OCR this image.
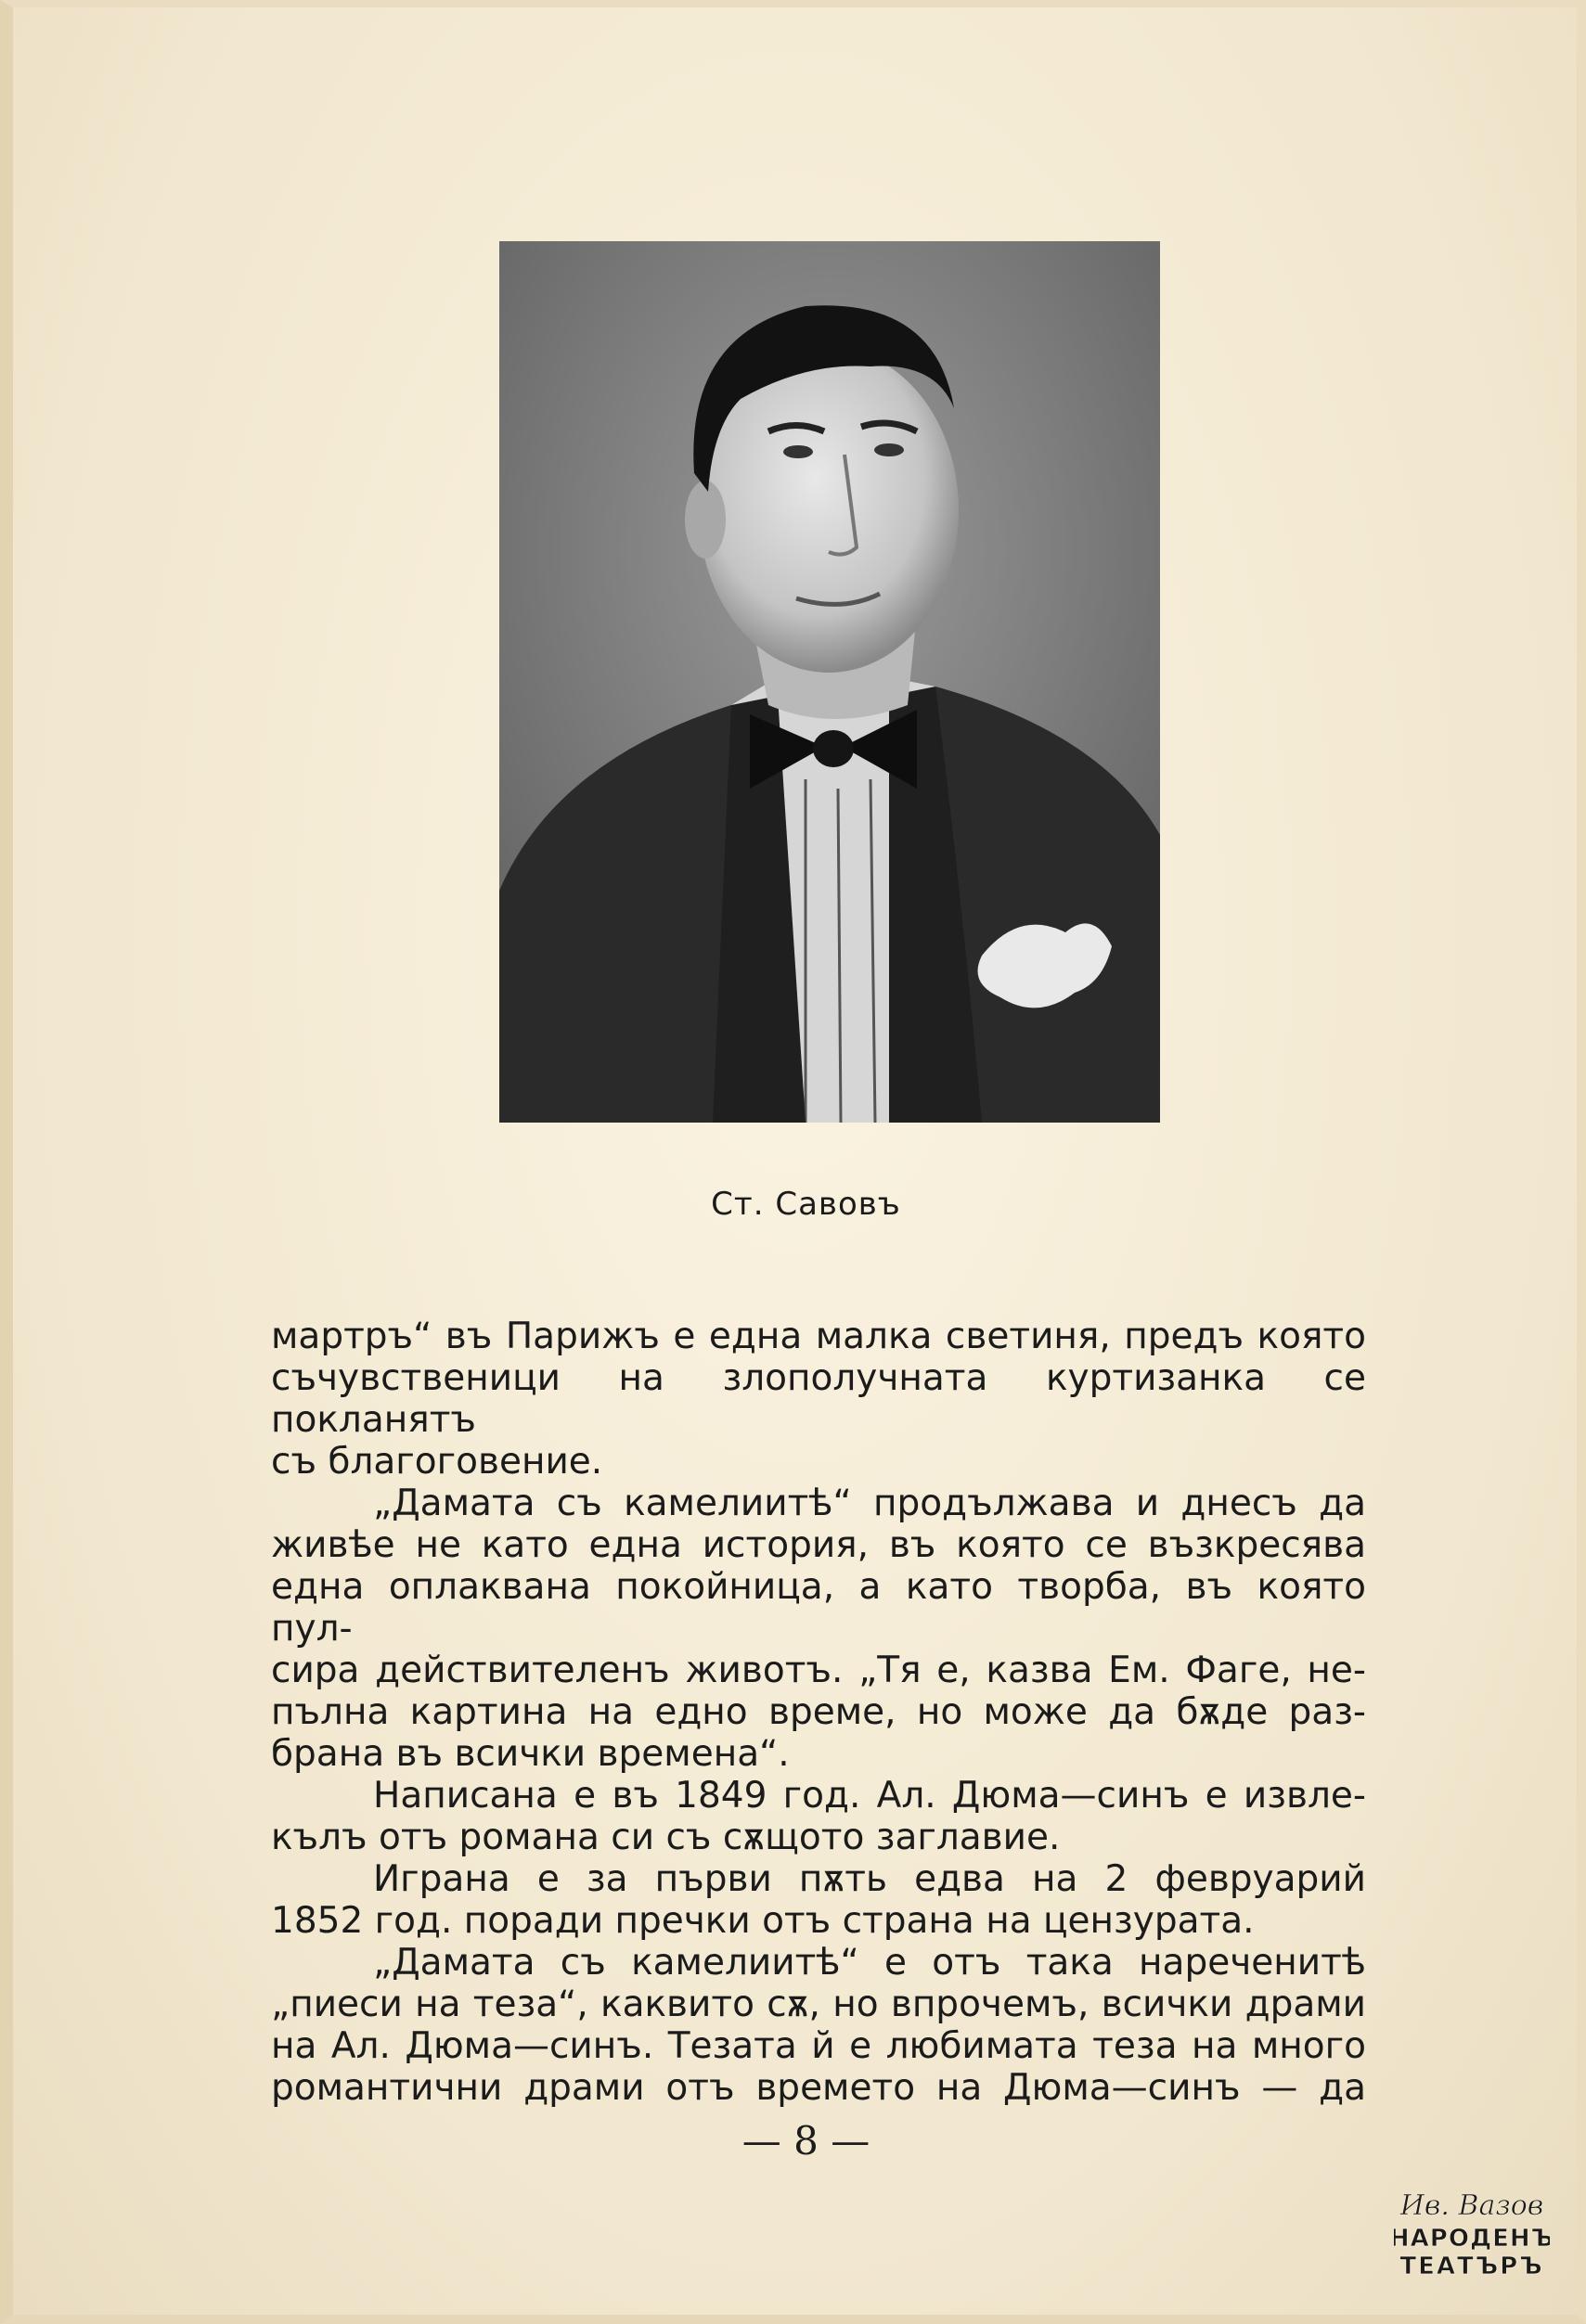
Ст. Савовъ

мартръ“ въ Парижъ е една малка светиня, предъ която

съчувственици на злополучната куртизанка се покланятъ

съ благоговение.

„Дамата съ камелиитѣ“ продължава и днесъ да

живѣе не като една история, въ която се възкресява

една оплаквана покойница, а като творба, въ която пул-

сира действителенъ животъ. „Тя е, казва Ем. Фаге, не-

пълна картина на едно време, но може да бѫде раз-

брана въ всички времена“.

Написана е въ 1849 год. Ал. Дюма—синъ е извле-

кълъ отъ романа си съ сѫщото заглавие.

Играна е за първи пѫть едва на 2 февруарий

1852 год. поради пречки отъ страна на цензурата.

„Дамата съ камелиитѣ“ е отъ така нареченитѣ

„пиеси на теза“, каквито сѫ, но впрочемъ, всички драми

на Ал. Дюма—синъ. Тезата й е любимата теза на много

романтични драми отъ времето на Дюма—синъ — да

— 8 —
Ив. Вазов
НАРОДЕНЪ
ТЕАТЪРЪ
